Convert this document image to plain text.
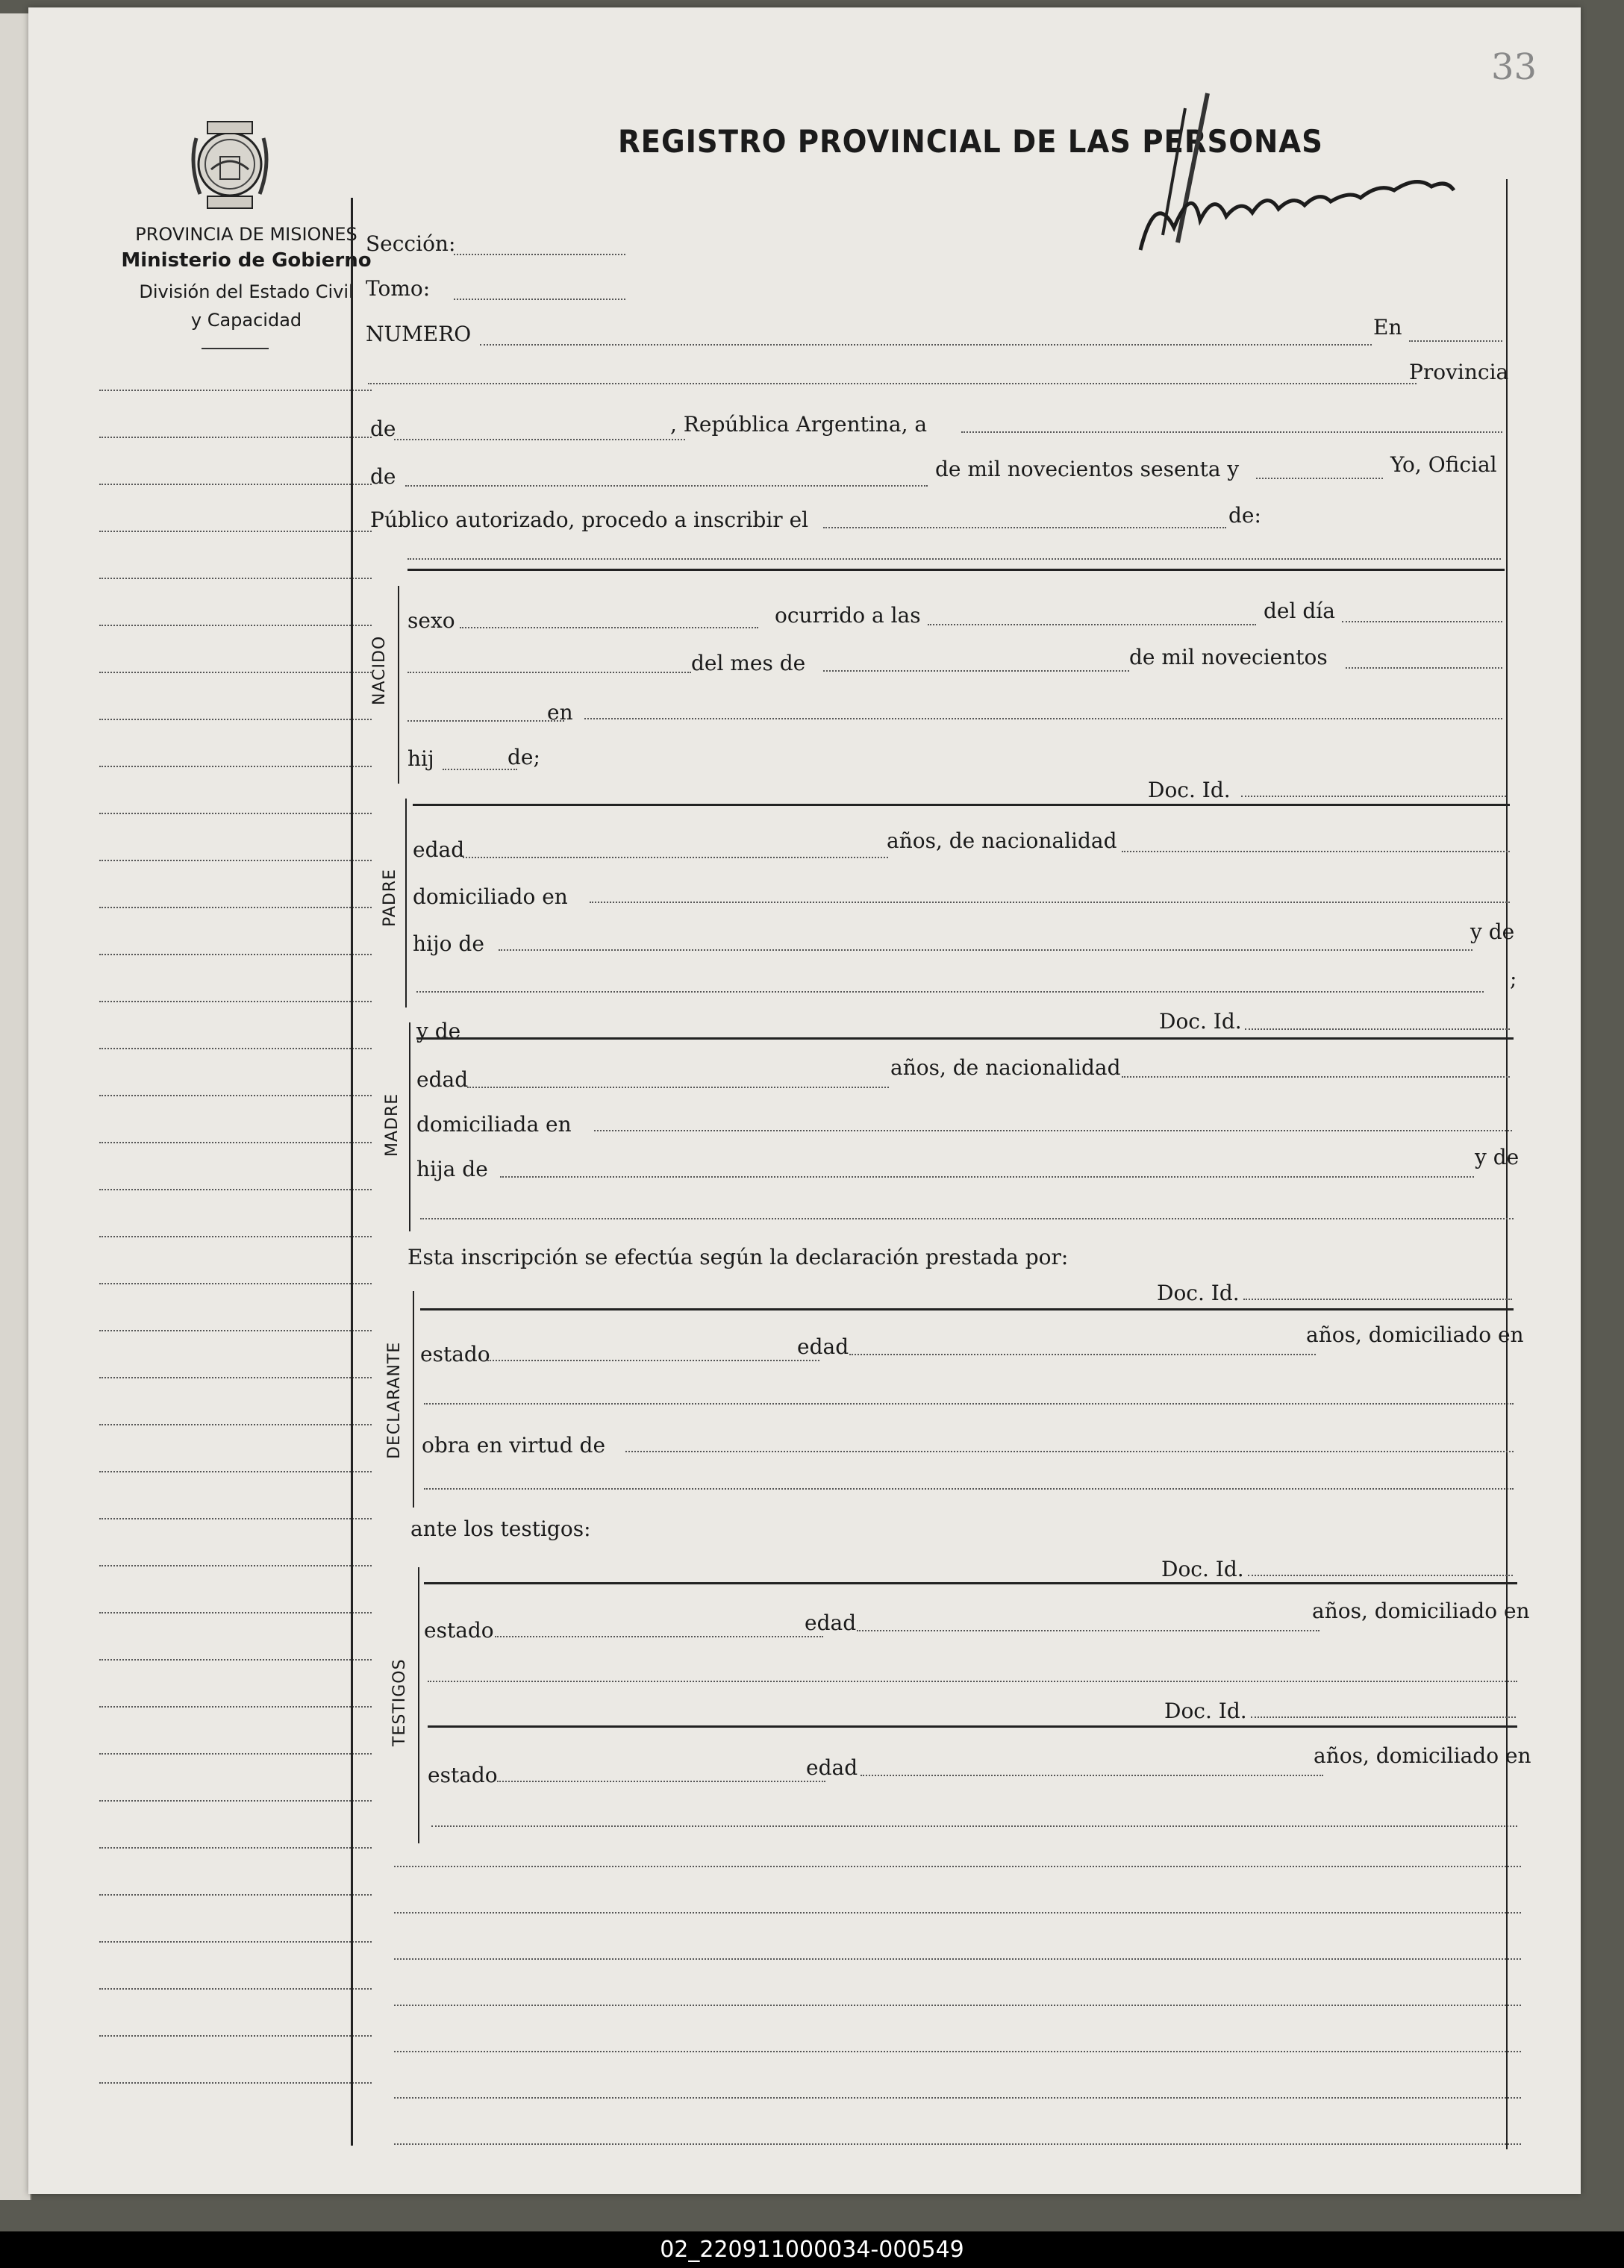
33
PROVINCIA DE MISIONES
Ministerio de Gobierno
División del Estado Civil
y Capacidad
REGISTRO PROVINCIAL DE LAS PERSONAS
Sección:
Tomo:
NUMERO	En
Provincia
de	, República Argentina, a
de	de mil novecientos sesenta y	Yo, Oficial
Público autorizado, procedo a inscribir el	de:
NACIDO
sexo	ocurrido a las	del día
del mes de	de mil novecientos
en
hij	de;
Doc. Id.
PADRE
edad	años, de nacionalidad
domiciliado en
hijo de	y de
;
y de	Doc. Id.
MADRE
edad	años, de nacionalidad
domiciliada en
hija de	y de
Esta inscripción se efectúa según la declaración prestada por:
Doc. Id.
DECLARANTE estado	edad	años, domiciliado en
obra en virtud de
ante los testigos:
Doc. Id.
TESTIGOS
estado	edad	años, domiciliado en
Doc. Id.
estado	edad	años, domiciliado en
02_220911000034-000549
